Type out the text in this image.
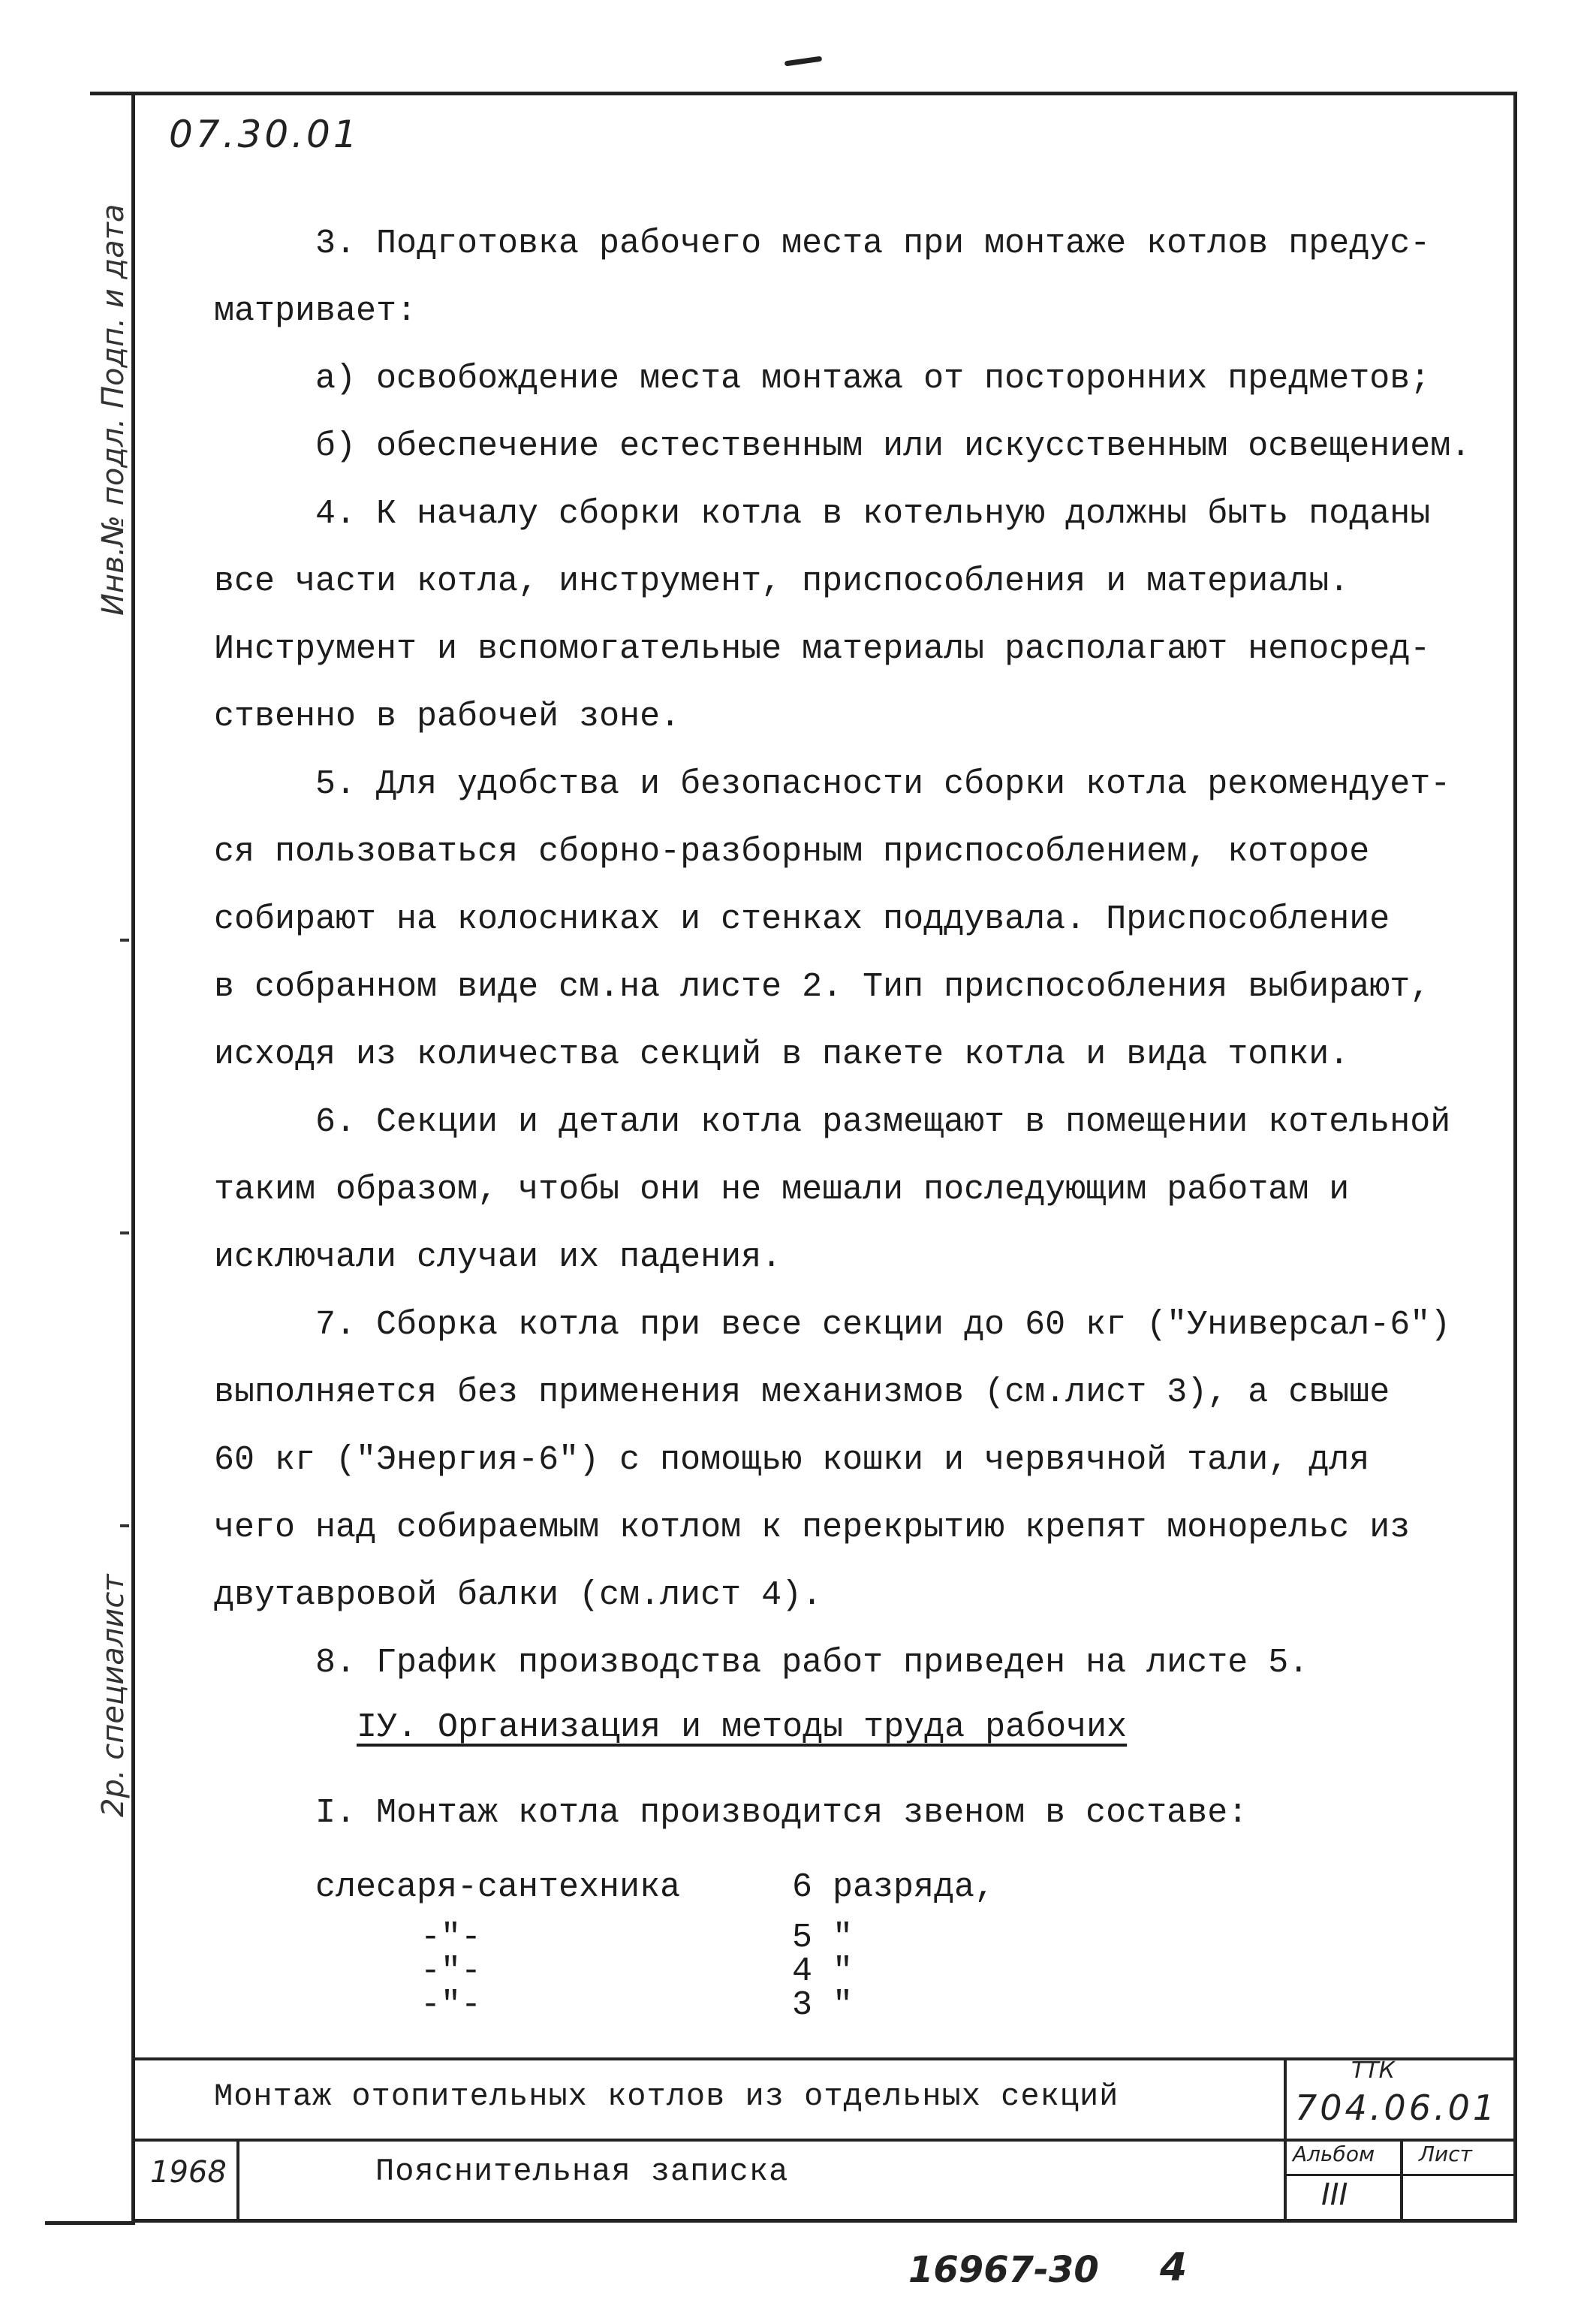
Инв.№ подл. Подп. и дата
2р. специалист
07.30.01
3. Подготовка рабочего места при монтаже котлов предус-
матривает:
а) освобождение места монтажа от посторонних предметов;
б) обеспечение естественным или искусственным освещением.
4. К началу сборки котла в котельную должны быть поданы
все части котла, инструмент, приспособления и материалы.
Инструмент и вспомогательные материалы располагают непосред-
ственно в рабочей зоне.
5. Для удобства и безопасности сборки котла рекомендует-
ся пользоваться сборно-разборным приспособлением, которое
собирают на колосниках и стенках поддувала. Приспособление
в собранном виде см.на листе 2. Тип приспособления выбирают,
исходя из количества секций в пакете котла и вида топки.
6. Секции и детали котла размещают в помещении котельной
таким образом, чтобы они не мешали последующим работам и
исключали случаи их падения.
7. Сборка котла при весе секции до 60 кг ("Универсал-6")
выполняется без применения механизмов (см.лист 3), а свыше
60 кг ("Энергия-6") с помощью кошки и червячной тали, для
чего над собираемым котлом к перекрытию крепят монорельс из
двутавровой балки (см.лист 4).
8. График производства работ приведен на листе 5.
IУ. Организация и методы труда рабочих
I. Монтаж котла производится звеном в составе:
слесаря-сантехника	6 разряда,
-"-	5 "
-"-	4 "
-"-	3 "
Монтаж отопительных котлов из отдельных секций
ТТК
704.06.01
1968	Пояснительная записка	Альбом Лист
III
16967-30 4
